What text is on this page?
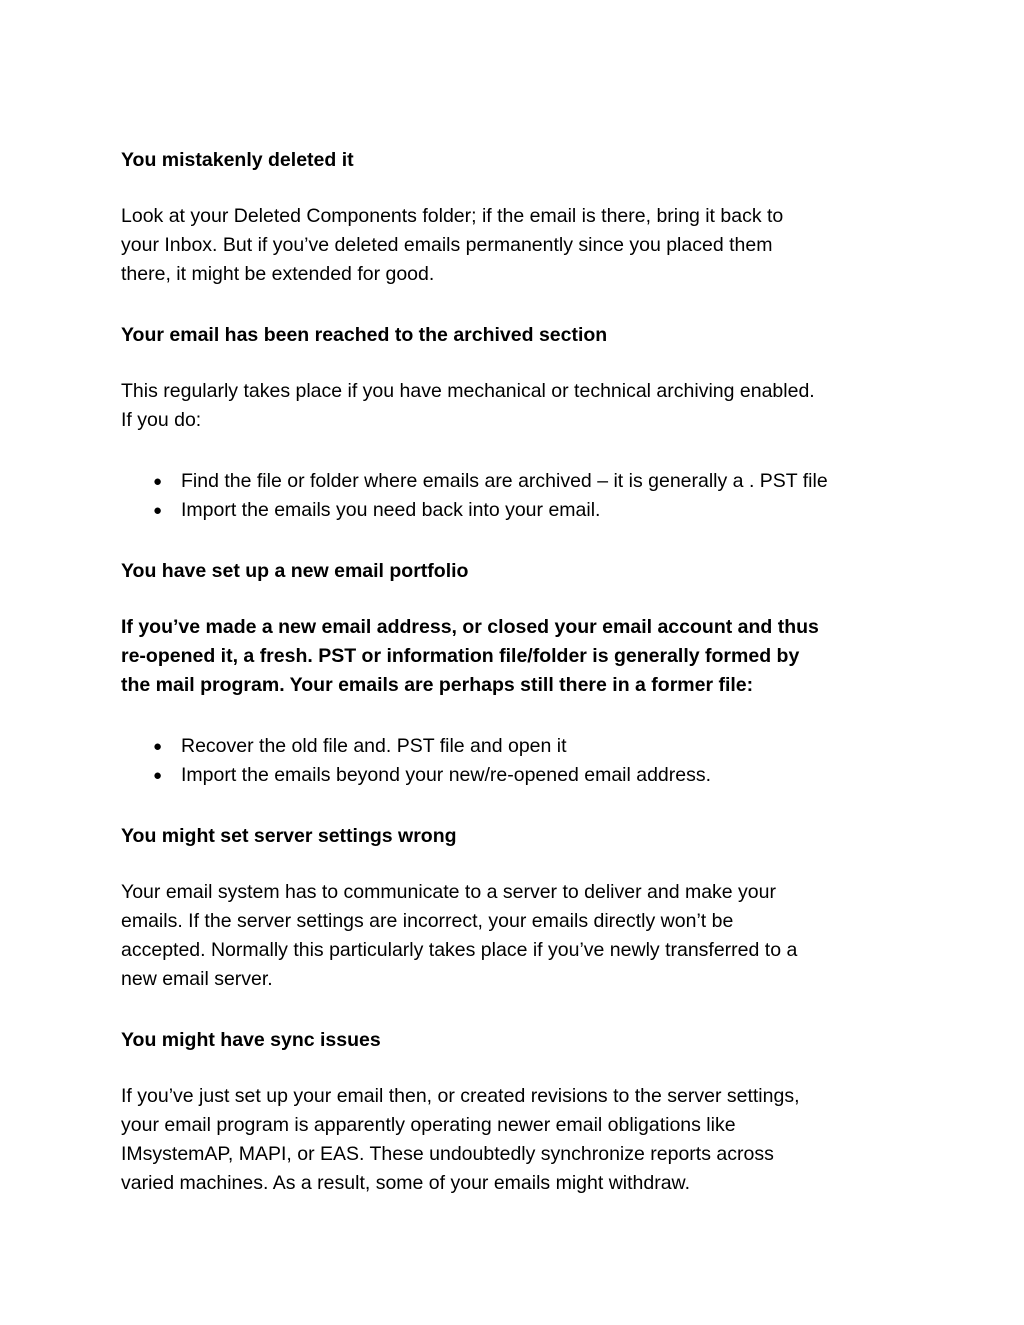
You mistakenly deleted it

Look at your Deleted Components folder; if the email is there, bring it back to
your Inbox. But if you’ve deleted emails permanently since you placed them
there, it might be extended for good.

Your email has been reached to the archived section

This regularly takes place if you have mechanical or technical archiving enabled.
If you do:

● Find the file or folder where emails are archived – it is generally a . PST file
● Import the emails you need back into your email.

You have set up a new email portfolio

If you’ve made a new email address, or closed your email account and thus
re-opened it, a fresh. PST or information file/folder is generally formed by
the mail program. Your emails are perhaps still there in a former file:

● Recover the old file and. PST file and open it
● Import the emails beyond your new/re-opened email address.

You might set server settings wrong

Your email system has to communicate to a server to deliver and make your
emails. If the server settings are incorrect, your emails directly won’t be
accepted. Normally this particularly takes place if you’ve newly transferred to a
new email server.

You might have sync issues

If you’ve just set up your email then, or created revisions to the server settings,
your email program is apparently operating newer email obligations like
IMsystemAP, MAPI, or EAS. These undoubtedly synchronize reports across
varied machines. As a result, some of your emails might withdraw.
